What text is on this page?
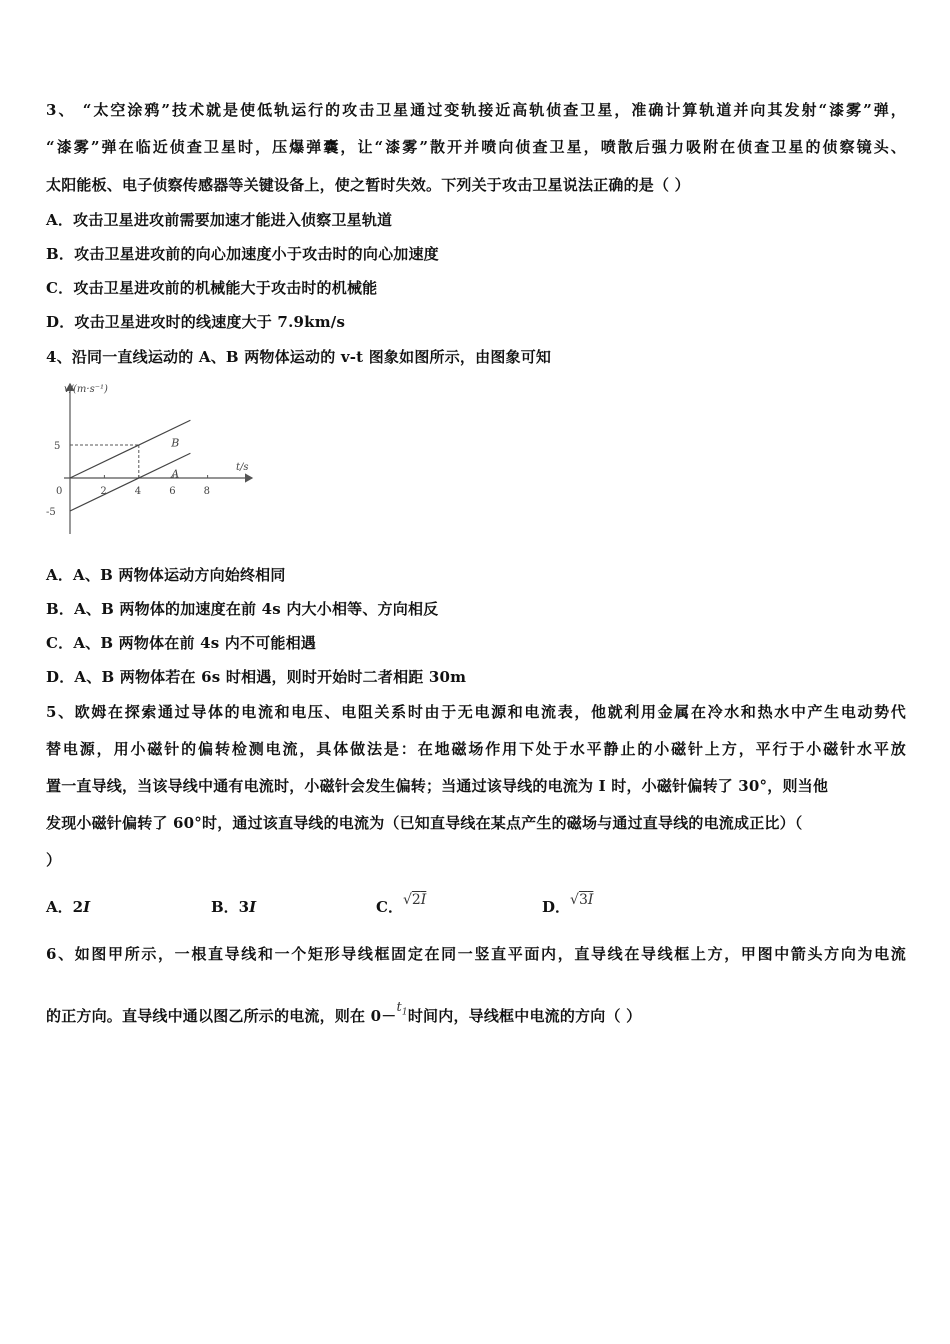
3、 “太空涂鸦”技术就是使低轨运行的攻击卫星通过变轨接近高轨侦查卫星，准确计算轨道并向其发射“漆雾”弹，
“漆雾”弹在临近侦查卫星时，压爆弹囊，让“漆雾”散开并喷向侦查卫星，喷散后强力吸附在侦查卫星的侦察镜头、
太阳能板、电子侦察传感器等关键设备上，使之暂时失效。下列关于攻击卫星说法正确的是（ ）
A．攻击卫星进攻前需要加速才能进入侦察卫星轨道
B．攻击卫星进攻前的向心加速度小于攻击时的向心加速度
C．攻击卫星进攻前的机械能大于攻击时的机械能
D．攻击卫星进攻时的线速度大于 7.9km/s
4、沿同一直线运动的 A、B 两物体运动的 v-t 图象如图所示，由图象可知
v/(m·s⁻¹)
t/s
0	2	4	6	8
5
-5
B
A
A．A、B 两物体运动方向始终相同
B．A、B 两物体的加速度在前 4s 内大小相等、方向相反
C．A、B 两物体在前 4s 内不可能相遇
D．A、B 两物体若在 6s 时相遇，则时开始时二者相距 30m
5、欧姆在探索通过导体的电流和电压、电阻关系时由于无电源和电流表，他就利用金属在冷水和热水中产生电动势代
替电源，用小磁针的偏转检测电流，具体做法是：在地磁场作用下处于水平静止的小磁针上方，平行于小磁针水平放
置一直导线，当该导线中通有电流时，小磁针会发生偏转；当通过该导线的电流为 I 时，小磁针偏转了 30°，则当他
发现小磁针偏转了 60°时，通过该直导线的电流为（已知直导线在某点产生的磁场与通过直导线的电流成正比）（
）
A．2I	B．3I	C．√2I	D．√3I
6、如图甲所示，一根直导线和一个矩形导线框固定在同一竖直平面内，直导线在导线框上方，甲图中箭头方向为电流
的正方向。直导线中通以图乙所示的电流，则在 $0-t_1$时间内，导线框中电流的方向（ ）
